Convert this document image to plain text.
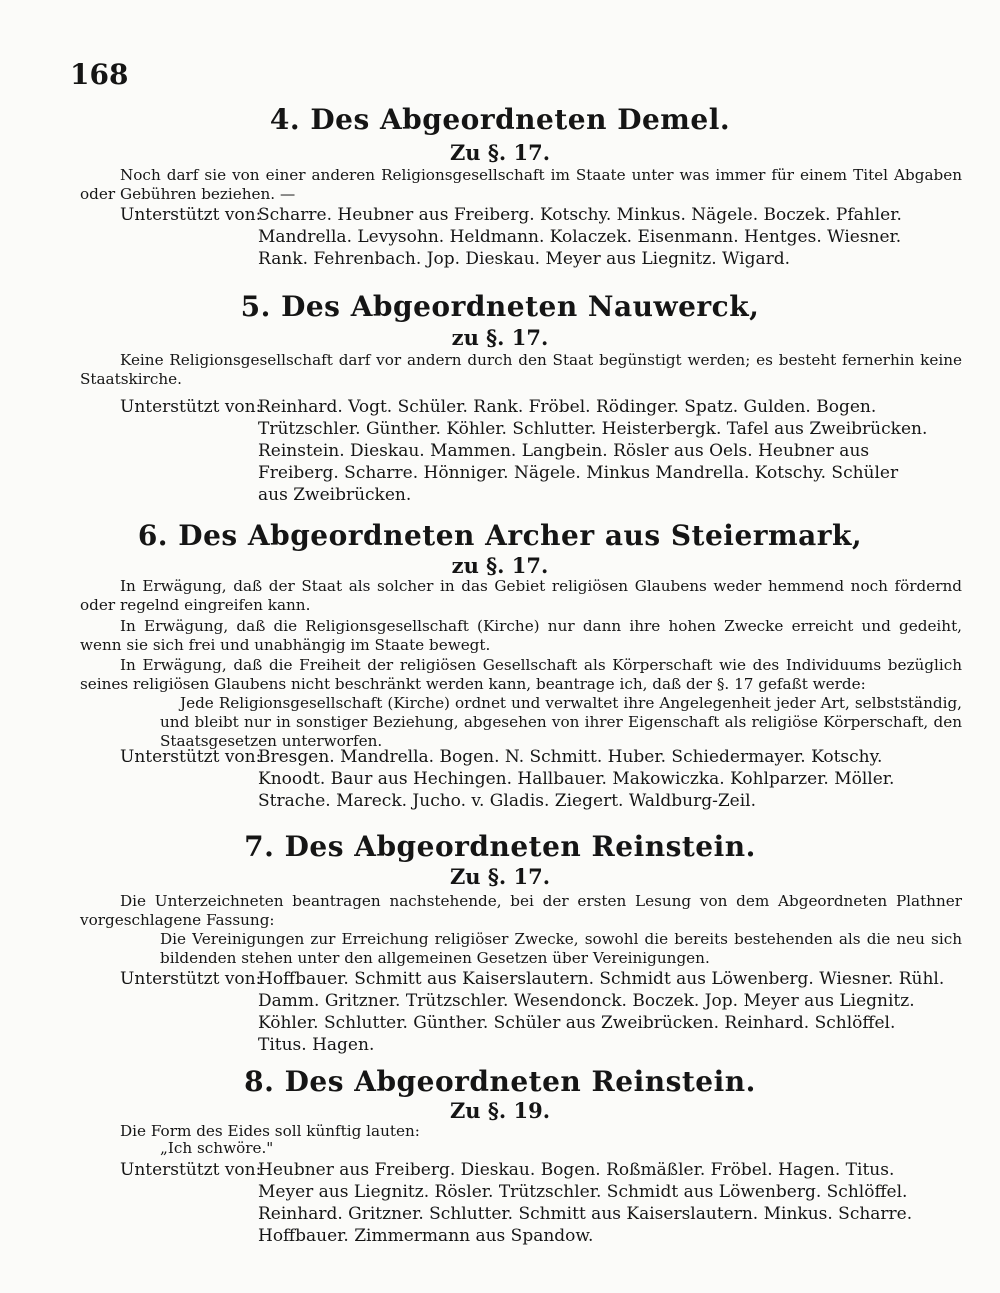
168
4. Des Abgeordneten Demel.
Zu §. 17.
Noch darf sie von einer anderen Religionsgesellschaft im Staate unter was immer für einem Titel Abgaben oder Gebühren beziehen. —
Unterstützt von:
Scharre. Heubner aus Freiberg. Kotschy. Minkus. Nägele. Boczek. Pfahler.
Mandrella. Levysohn. Heldmann. Kolaczek. Eisenmann. Hentges. Wiesner.
Rank. Fehrenbach. Jop. Dieskau. Meyer aus Liegnitz. Wigard.
5. Des Abgeordneten Nauwerck,
zu §. 17.
Keine Religionsgesellschaft darf vor andern durch den Staat begünstigt werden; es besteht fernerhin keine Staatskirche.
Unterstützt von:
Reinhard. Vogt. Schüler. Rank. Fröbel. Rödinger. Spatz. Gulden. Bogen.
Trützschler. Günther. Köhler. Schlutter. Heisterbergk. Tafel aus Zweibrücken.
Reinstein. Dieskau. Mammen. Langbein. Rösler aus Oels. Heubner aus
Freiberg. Scharre. Hönniger. Nägele. Minkus Mandrella. Kotschy. Schüler
aus Zweibrücken.
6. Des Abgeordneten Archer aus Steiermark,
zu §. 17.
In Erwägung, daß der Staat als solcher in das Gebiet religiösen Glaubens weder hemmend noch fördernd oder regelnd eingreifen kann.
In Erwägung, daß die Religionsgesellschaft (Kirche) nur dann ihre hohen Zwecke erreicht und gedeiht, wenn sie sich frei und unabhängig im Staate bewegt.
In Erwägung, daß die Freiheit der religiösen Gesellschaft als Körperschaft wie des Individuums bezüglich seines religiösen Glaubens nicht beschränkt werden kann, beantrage ich, daß der §. 17 gefaßt werde:
Jede Religionsgesellschaft (Kirche) ordnet und verwaltet ihre Angelegenheit jeder Art, selbstständig, und bleibt nur in sonstiger Beziehung, abgesehen von ihrer Eigenschaft als religiöse Körperschaft, den Staatsgesetzen unterworfen.
Unterstützt von:
Bresgen. Mandrella. Bogen. N. Schmitt. Huber. Schiedermayer. Kotschy.
Knoodt. Baur aus Hechingen. Hallbauer. Makowiczka. Kohlparzer. Möller.
Strache. Mareck. Jucho. v. Gladis. Ziegert. Waldburg-Zeil.
7. Des Abgeordneten Reinstein.
Zu §. 17.
Die Unterzeichneten beantragen nachstehende, bei der ersten Lesung von dem Abgeordneten Plathner vorgeschlagene Fassung:
Die Vereinigungen zur Erreichung religiöser Zwecke, sowohl die bereits bestehenden als die neu sich bildenden stehen unter den allgemeinen Gesetzen über Vereinigungen.
Unterstützt von:
Hoffbauer. Schmitt aus Kaiserslautern. Schmidt aus Löwenberg. Wiesner. Rühl.
Damm. Gritzner. Trützschler. Wesendonck. Boczek. Jop. Meyer aus Liegnitz.
Köhler. Schlutter. Günther. Schüler aus Zweibrücken. Reinhard. Schlöffel.
Titus. Hagen.
8. Des Abgeordneten Reinstein.
Zu §. 19.
Die Form des Eides soll künftig lauten:
„Ich schwöre."
Unterstützt von:
Heubner aus Freiberg. Dieskau. Bogen. Roßmäßler. Fröbel. Hagen. Titus.
Meyer aus Liegnitz. Rösler. Trützschler. Schmidt aus Löwenberg. Schlöffel.
Reinhard. Gritzner. Schlutter. Schmitt aus Kaiserslautern. Minkus. Scharre.
Hoffbauer. Zimmermann aus Spandow.
